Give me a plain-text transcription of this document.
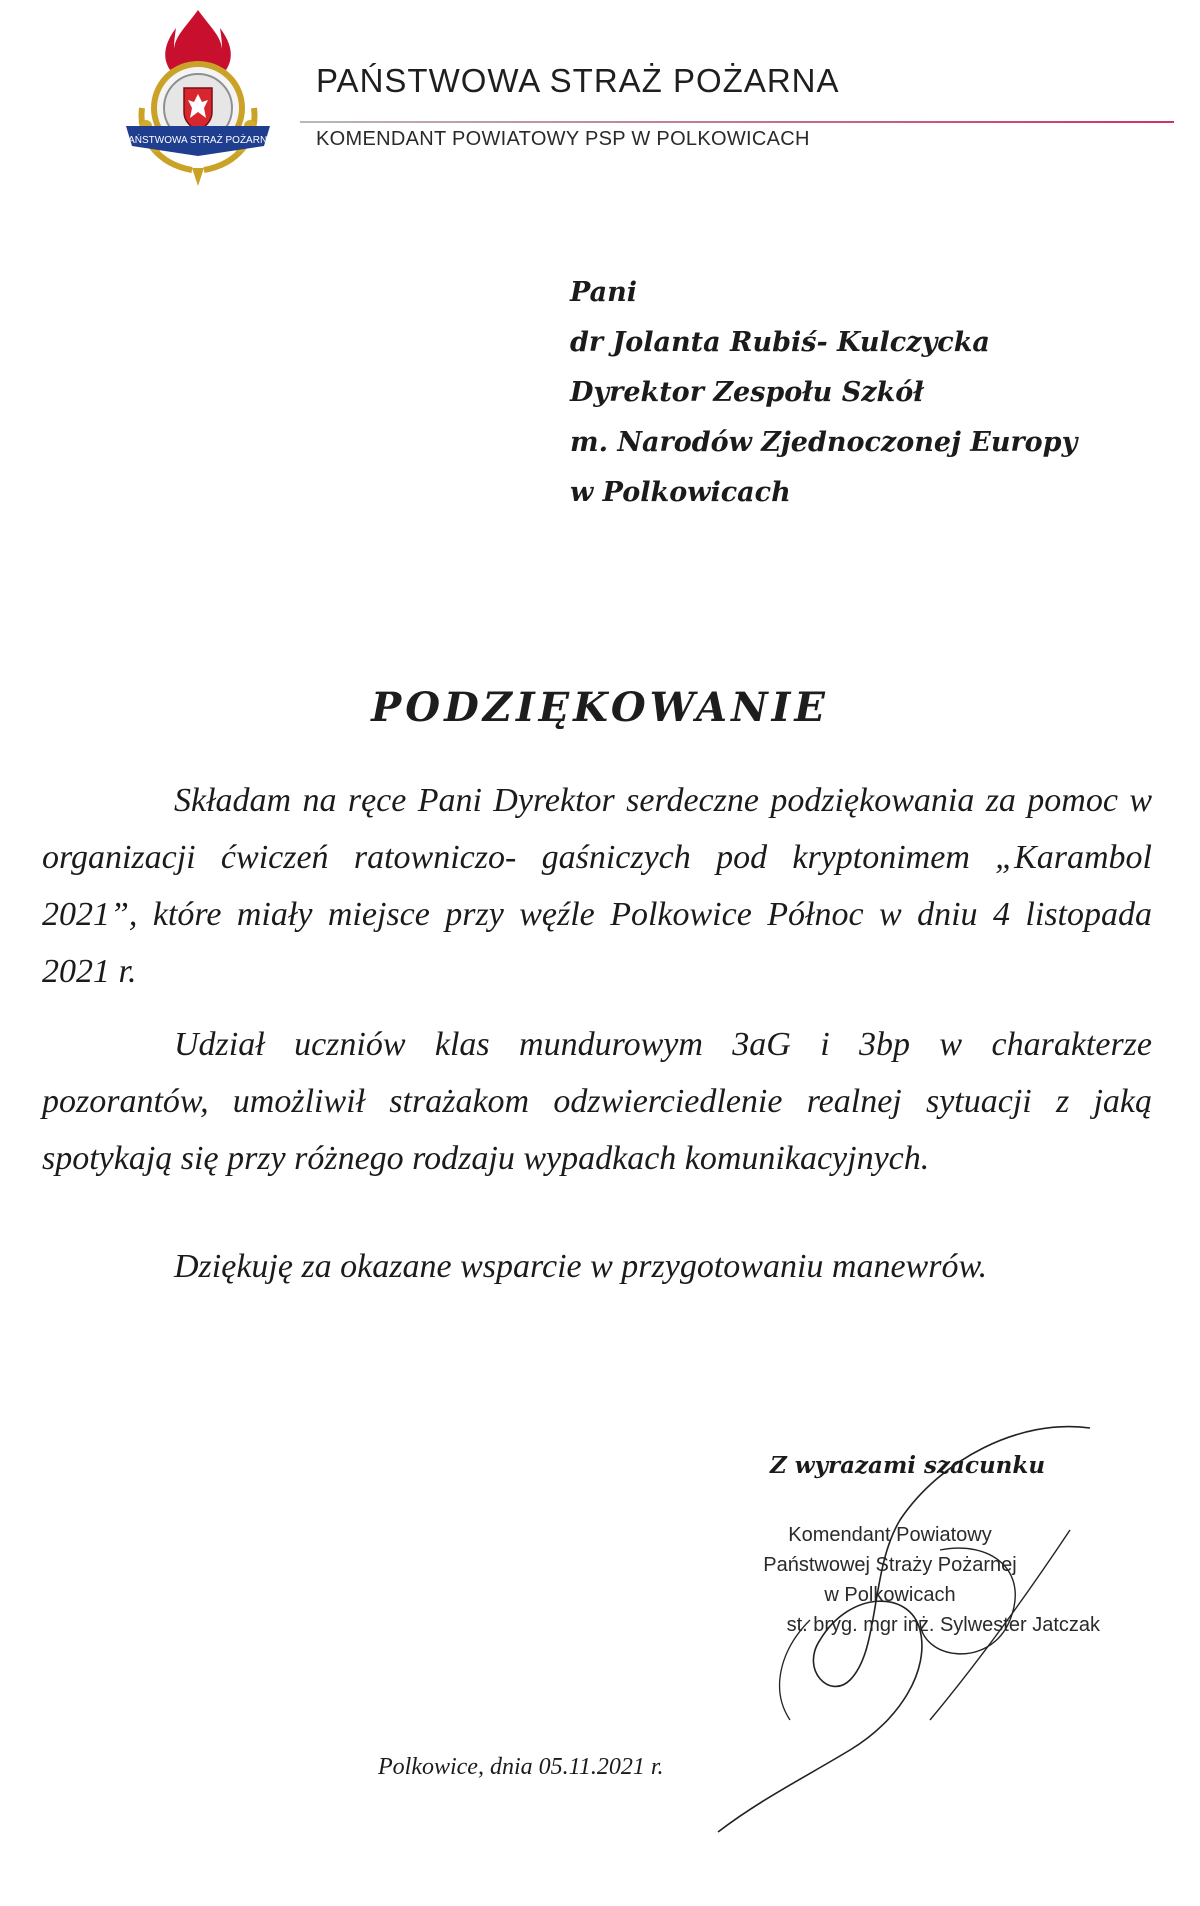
PAŃSTWOWA STRAŻ POŻARNA
PAŃSTWOWA STRAŻ POŻARNA
KOMENDANT POWIATOWY PSP W POLKOWICACH
Pani
dr Jolanta Rubiś- Kulczycka
Dyrektor Zespołu Szkół
m. Narodów Zjednoczonej Europy
w Polkowicach
PODZIĘKOWANIE
Składam na ręce Pani Dyrektor serdeczne podziękowania za pomoc w organizacji ćwiczeń ratowniczo- gaśniczych pod kryptonimem „Karambol 2021”, które miały miejsce przy węźle Polkowice Północ w dniu 4 listopada 2021 r.
Udział uczniów klas mundurowym 3aG i 3bp w charakterze pozorantów, umożliwił strażakom odzwierciedlenie realnej sytuacji z jaką spotykają się przy różnego rodzaju wypadkach komunikacyjnych.
Dziękuję za okazane wsparcie w przygotowaniu manewrów.
Z wyrazami szacunku
Komendant Powiatowy
Państwowej Straży Pożarnej
w Polkowicach
st. bryg. mgr inż. Sylwester Jatczak
Polkowice, dnia 05.11.2021 r.
